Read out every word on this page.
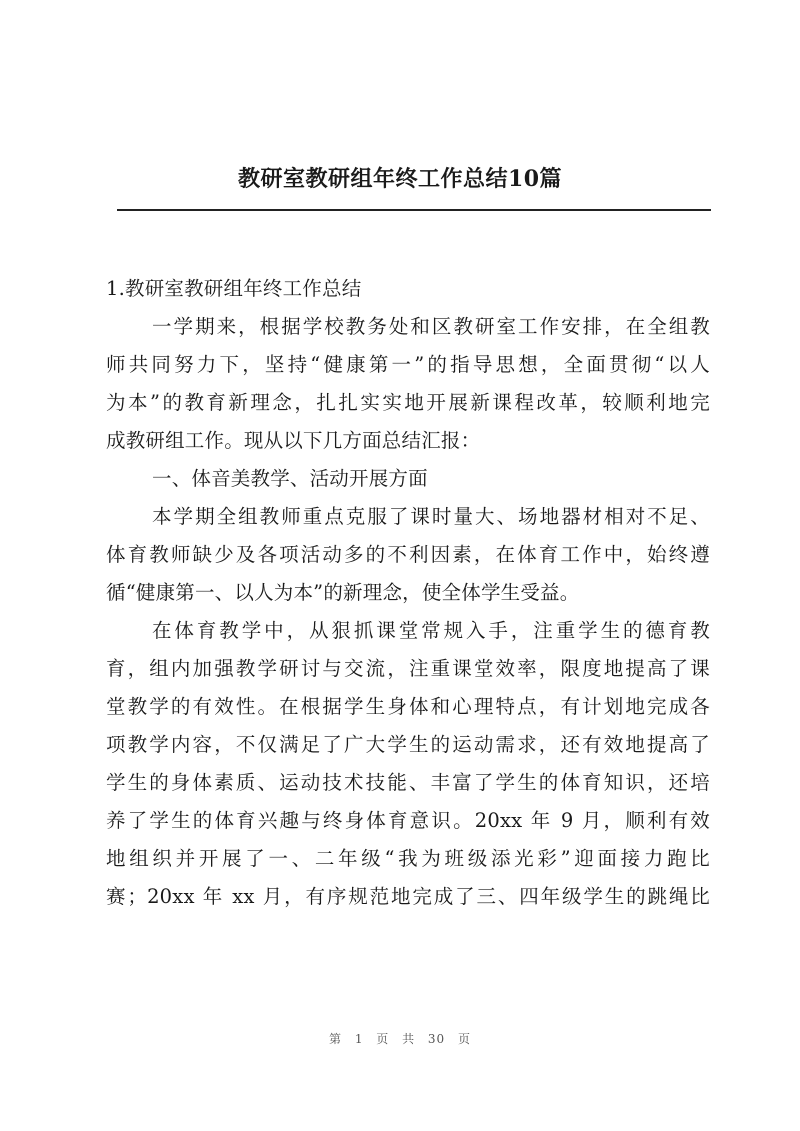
教研室教研组年终工作总结10篇
1.教研室教研组年终工作总结
一学期来，根据学校教务处和区教研室工作安排，在全组教
师共同努力下，坚持“健康第一”的指导思想，全面贯彻“以人
为本”的教育新理念，扎扎实实地开展新课程改革，较顺利地完
成教研组工作。现从以下几方面总结汇报：
一、体音美教学、活动开展方面
本学期全组教师重点克服了课时量大、场地器材相对不足、
体育教师缺少及各项活动多的不利因素，在体育工作中，始终遵
循“健康第一、以人为本”的新理念，使全体学生受益。
在体育教学中，从狠抓课堂常规入手，注重学生的德育教
育，组内加强教学研讨与交流，注重课堂效率，限度地提高了课
堂教学的有效性。在根据学生身体和心理特点，有计划地完成各
项教学内容，不仅满足了广大学生的运动需求，还有效地提高了
学生的身体素质、运动技术技能、丰富了学生的体育知识，还培
养了学生的体育兴趣与终身体育意识。20xx 年 9 月，顺利有效
地组织并开展了一、二年级“我为班级添光彩”迎面接力跑比
赛；20xx 年 xx 月，有序规范地完成了三、四年级学生的跳绳比
第 1 页 共 30 页
